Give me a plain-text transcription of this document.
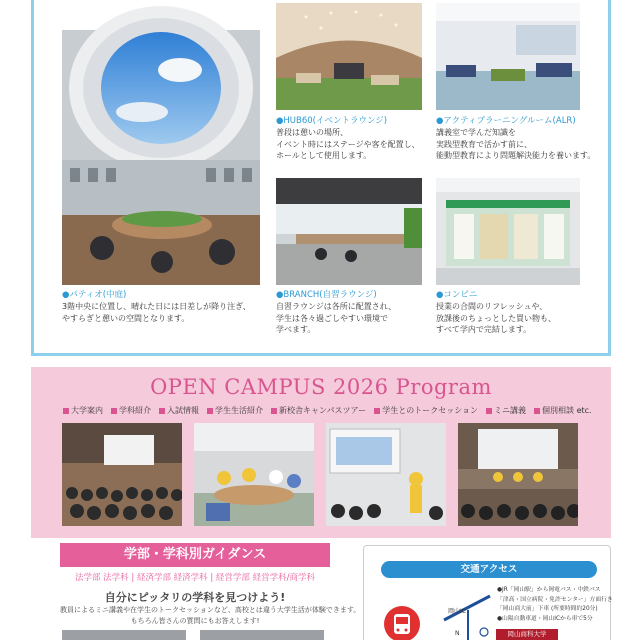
●パティオ(中庭)
3階中央に位置し、晴れた日には日差しが降り注ぎ、
やすらぎと憩いの空間となります。
●HUB60(イベントラウンジ)
普段は憩いの場所、
イベント時にはステージや客を配置し、
ホールとして使用します。
●アクティブラーニングルーム(ALR)
講義室で学んだ知識を
実践型教育で活かす前に、
能動型教育により問題解決能力を養います。
●BRANCH(自習ラウンジ)
自習ラウンジは各所に配置され、
学生は各々過ごしやすい環境で
学べます。
●コンビニ
授業の合間のリフレッシュや、
放課後のちょっとした買い物も、
すべて学内で完結します。
OPEN CAMPUS 2026 Program
大学案内 学科紹介 入試情報 学生生活紹介 新校舎キャンパスツアー 学生とのトークセッション ミニ講義 個別相談 etc.
学部・学科別ガイダンス
法学部 法学科 | 経済学部 経済学科 | 経営学部 経営学科/商学科
自分にピッタリの学科を見つけよう!
教員によるミニ講義や在学生のトークセッションなど、高校とは違う大学生活が体験できます。
もちろん皆さんの質問にもお答えします!
交通アクセス
●JR「岡山駅」から岡電バス・中鉄バス
「津高・国立病院・免許センター」方面行き
「岡山商大前」下車 (所要時間約20分)
●山陽自動車道・岡山ICから車で5分
岡山IC
N	岡山商科大学
